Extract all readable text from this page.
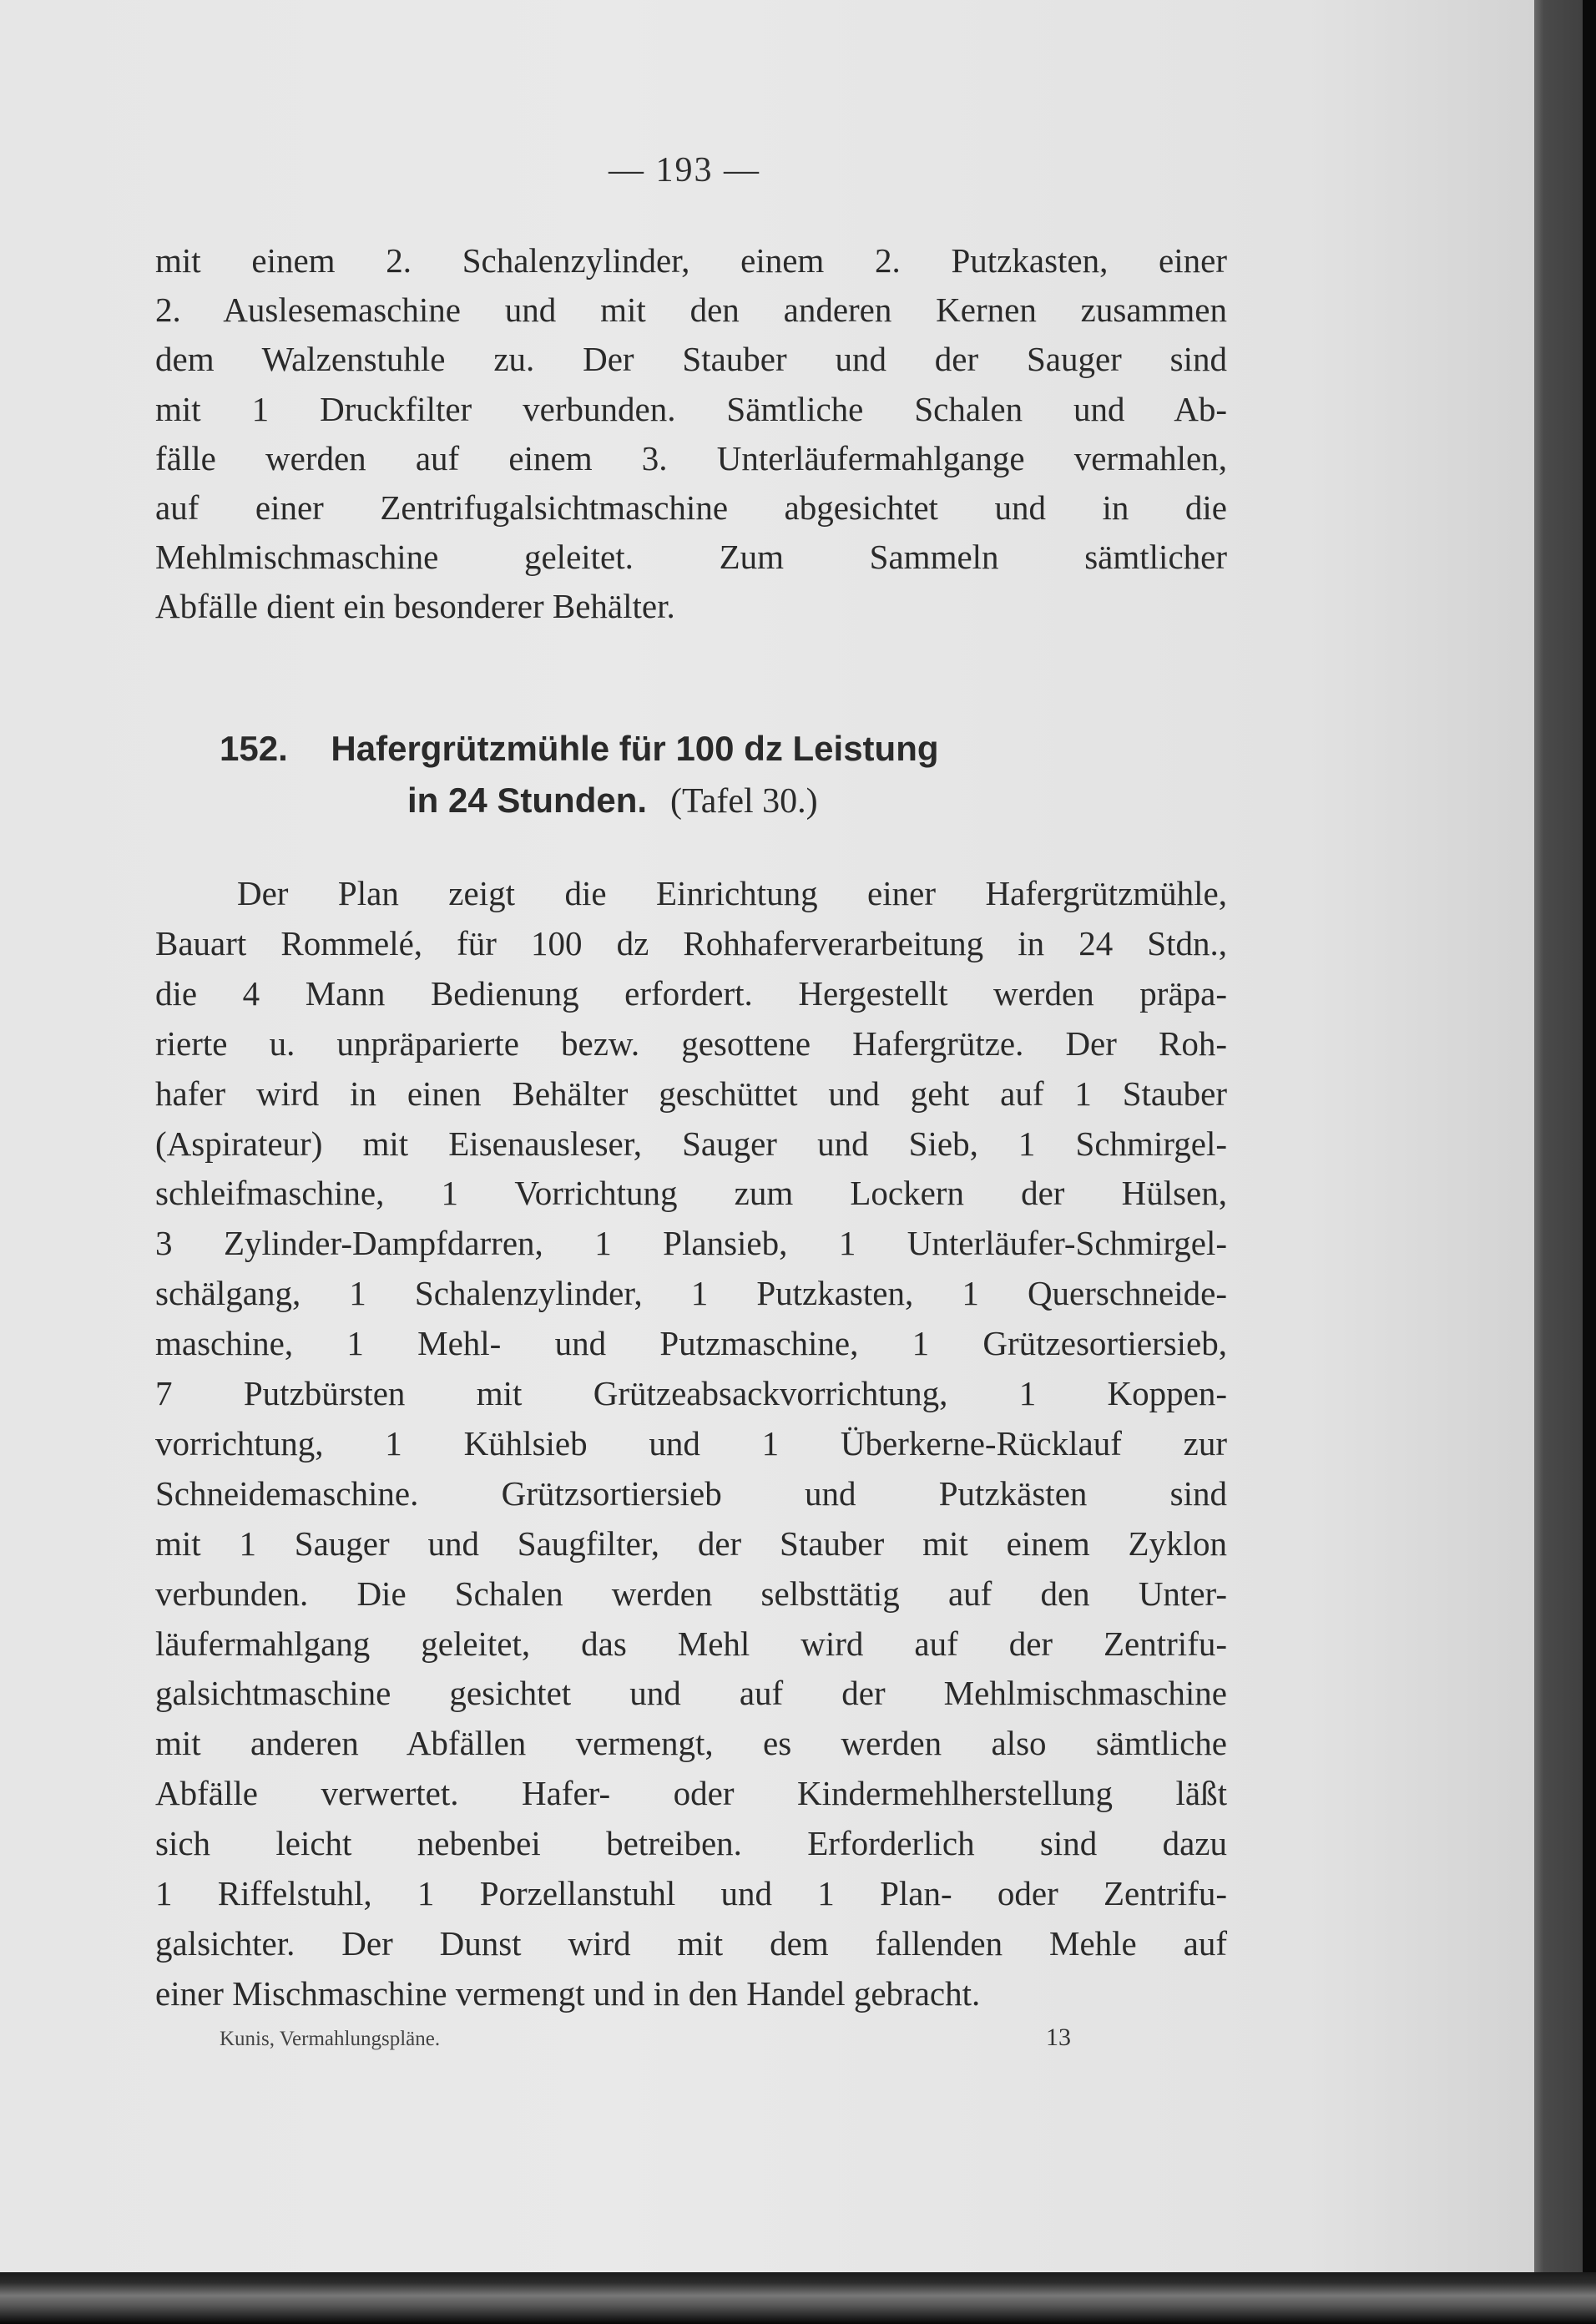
— 193 —
mit einem 2. Schalenzylinder, einem 2. Putzkasten, einer
2. Auslesemaschine und mit den anderen Kernen zusammen
dem Walzenstuhle zu. Der Stauber und der Sauger sind
mit 1 Druckfilter verbunden. Sämtliche Schalen und Ab-
fälle werden auf einem 3. Unterläufermahlgange vermahlen,
auf einer Zentrifugalsichtmaschine abgesichtet und in die
Mehlmischmaschine geleitet. Zum Sammeln sämtlicher
Abfälle dient ein besonderer Behälter.
152. Hafergrützmühle für 100 dz Leistung
in 24 Stunden. (Tafel 30.)
Der Plan zeigt die Einrichtung einer Hafergrützmühle,
Bauart Rommelé, für 100 dz Rohhaferverarbeitung in 24 Stdn.,
die 4 Mann Bedienung erfordert. Hergestellt werden präpa-
rierte u. unpräparierte bezw. gesottene Hafergrütze. Der Roh-
hafer wird in einen Behälter geschüttet und geht auf 1 Stauber
(Aspirateur) mit Eisenausleser, Sauger und Sieb, 1 Schmirgel-
schleifmaschine, 1 Vorrichtung zum Lockern der Hülsen,
3 Zylinder-Dampfdarren, 1 Plansieb, 1 Unterläufer-Schmirgel-
schälgang, 1 Schalenzylinder, 1 Putzkasten, 1 Querschneide-
maschine, 1 Mehl- und Putzmaschine, 1 Grützesortiersieb,
7 Putzbürsten mit Grützeabsackvorrichtung, 1 Koppen-
vorrichtung, 1 Kühlsieb und 1 Überkerne-Rücklauf zur
Schneidemaschine. Grützsortiersieb und Putzkästen sind
mit 1 Sauger und Saugfilter, der Stauber mit einem Zyklon
verbunden. Die Schalen werden selbsttätig auf den Unter-
läufermahlgang geleitet, das Mehl wird auf der Zentrifu-
galsichtmaschine gesichtet und auf der Mehlmischmaschine
mit anderen Abfällen vermengt, es werden also sämtliche
Abfälle verwertet. Hafer- oder Kindermehlherstellung läßt
sich leicht nebenbei betreiben. Erforderlich sind dazu
1 Riffelstuhl, 1 Porzellanstuhl und 1 Plan- oder Zentrifu-
galsichter. Der Dunst wird mit dem fallenden Mehle auf
einer Mischmaschine vermengt und in den Handel gebracht.
Kunis, Vermahlungspläne.	13
